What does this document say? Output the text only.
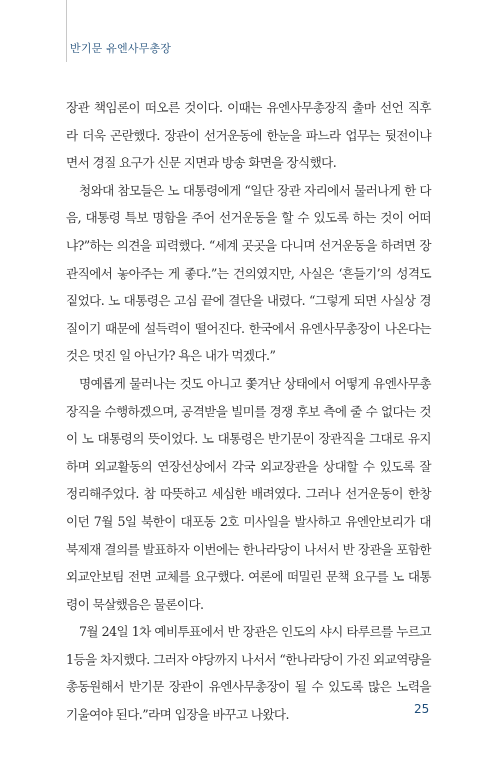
반기문 유엔사무총장

장관 책임론이 떠오른 것이다. 이때는 유엔사무총장직 출마 선언 직후라 더욱 곤란했다. 장관이 선거운동에 한눈을 파느라 업무는 뒷전이냐면서 경질 요구가 신문 지면과 방송 화면을 장식했다.

청와대 참모들은 노 대통령에게 “일단 장관 자리에서 물러나게 한 다음, 대통령 특보 명함을 주어 선거운동을 할 수 있도록 하는 것이 어떠냐?”하는 의견을 피력했다. “세계 곳곳을 다니며 선거운동을 하려면 장관직에서 놓아주는 게 좋다.”는 건의였지만, 사실은 ‘흔들기’의 성격도 짙었다. 노 대통령은 고심 끝에 결단을 내렸다. “그렇게 되면 사실상 경질이기 때문에 설득력이 떨어진다. 한국에서 유엔사무총장이 나온다는 것은 멋진 일 아닌가? 욕은 내가 먹겠다.”

명예롭게 물러나는 것도 아니고 쫓겨난 상태에서 어떻게 유엔사무총장직을 수행하겠으며, 공격받을 빌미를 경쟁 후보 측에 줄 수 없다는 것이 노 대통령의 뜻이었다. 노 대통령은 반기문이 장관직을 그대로 유지하며 외교활동의 연장선상에서 각국 외교장관을 상대할 수 있도록 잘 정리해주었다. 참 따뜻하고 세심한 배려였다. 그러나 선거운동이 한창이던 7월 5일 북한이 대포동 2호 미사일을 발사하고 유엔안보리가 대북제재 결의를 발표하자 이번에는 한나라당이 나서서 반 장관을 포함한 외교안보팀 전면 교체를 요구했다. 여론에 떠밀린 문책 요구를 노 대통령이 묵살했음은 물론이다.

7월 24일 1차 예비투표에서 반 장관은 인도의 샤시 타루르를 누르고 1등을 차지했다. 그러자 야당까지 나서서 “한나라당이 가진 외교역량을 총동원해서 반기문 장관이 유엔사무총장이 될 수 있도록 많은 노력을 기울여야 된다.”라며 입장을 바꾸고 나왔다.	25
